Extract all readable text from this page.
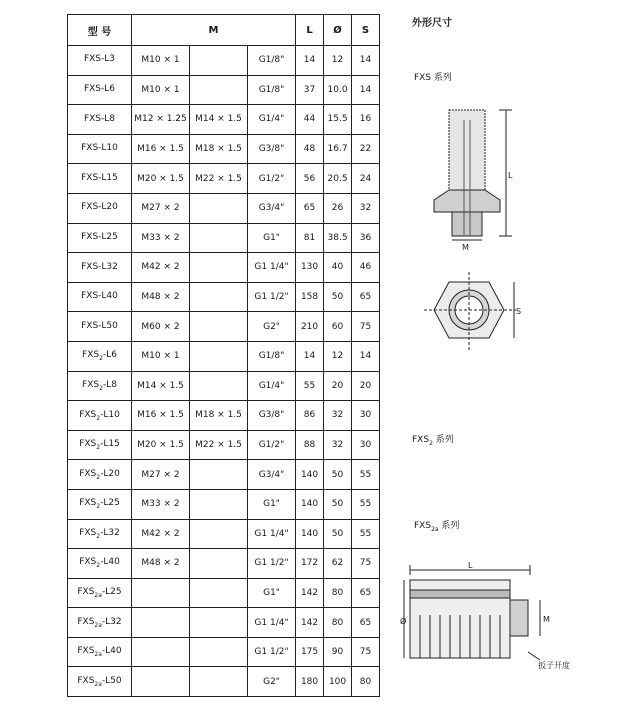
型 号	M			L	Ø	S
FXS-L3	M10 × 1		G1/8"	14	12	14
FXS-L6	M10 × 1		G1/8"	37	10.0	14
FXS-L8	M12 × 1.25	M14 × 1.5	G1/4"	44	15.5	16
FXS-L10	M16 × 1.5	M18 × 1.5	G3/8"	48	16.7	22
FXS-L15	M20 × 1.5	M22 × 1.5	G1/2"	56	20.5	24
FXS-L20	M27 × 2		G3/4"	65	26	32
FXS-L25	M33 × 2		G1"	81	38.5	36
FXS-L32	M42 × 2		G1 1/4"	130	40	46
FXS-L40	M48 × 2		G1 1/2"	158	50	65
FXS-L50	M60 × 2		G2"	210	60	75
$FXS_2-L6$	M10 × 1		G1/8"	14	12	14
$FXS_2-L8$	M14 × 1.5		G1/4"	55	20	20
$FXS_2-L10$	M16 × 1.5	M18 × 1.5	G3/8"	86	32	30
$FXS_2-L15$	M20 × 1.5	M22 × 1.5	G1/2"	88	32	30
$FXS_2-L20$	M27 × 2		G3/4"	140	50	55
$FXS_2-L25$	M33 × 2		G1"	140	50	55
$FXS_2-L32$	M42 × 2		G1 1/4"	140	50	55
$FXS_2-L40$	M48 × 2		G1 1/2"	172	62	75
$FXS_{2a}-L25$			G1"	142	80	65
$FXS_{2a}-L32$			G1 1/4"	142	80	65
$FXS_{2a}-L40$			G1 1/2"	175	90	75
$FXS_{2a}-L50$			G2"	180	100	80
外形尺寸
FXS 系列
$FXS_2$ 系列
$FXS_{2a}$ 系列
L
M
S
L
Ø	M
扳子开度
